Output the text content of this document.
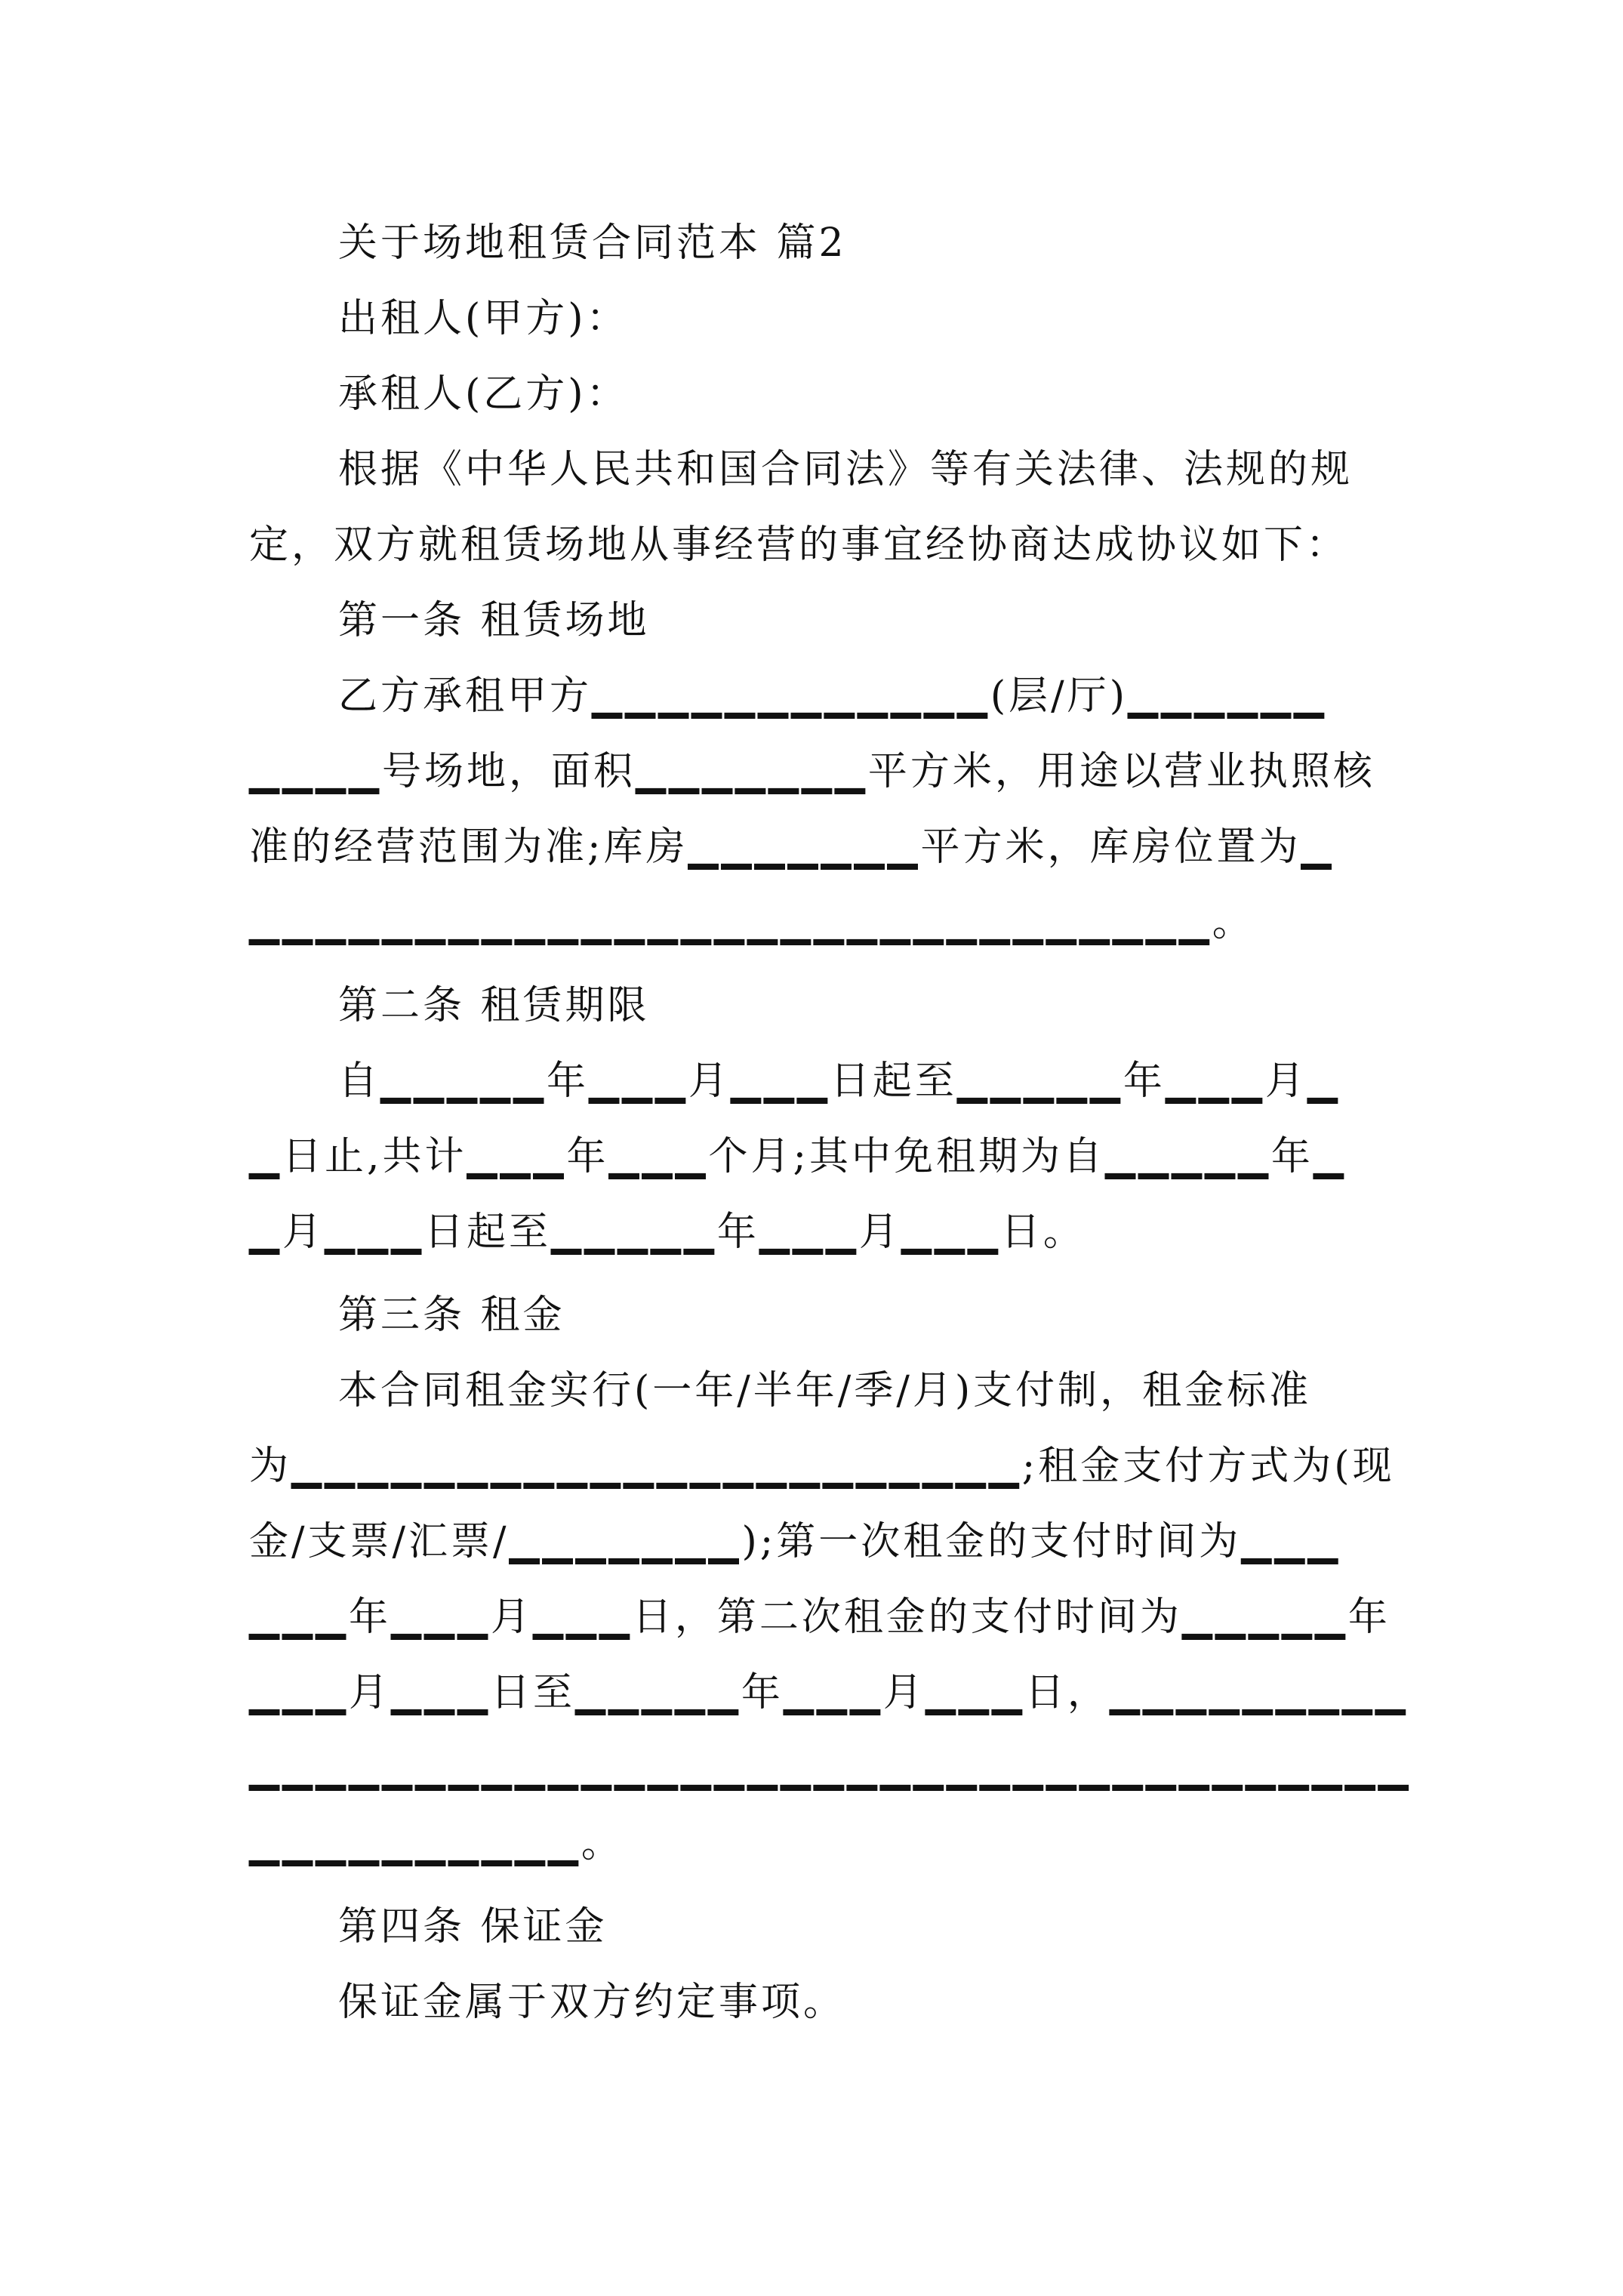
关于场地租赁合同范本 篇2
出租人(甲方)：
承租人(乙方)：
根据《中华人民共和国合同法》等有关法律、法规的规
定，双方就租赁场地从事经营的事宜经协商达成协议如下：
第一条 租赁场地
乙方承租甲方▁▁▁▁▁▁▁▁▁▁▁▁(层/厅)▁▁▁▁▁▁
▁▁▁▁号场地，面积▁▁▁▁▁▁▁平方米，用途以营业执照核
准的经营范围为准;库房▁▁▁▁▁▁▁平方米，库房位置为▁
▁▁▁▁▁▁▁▁▁▁▁▁▁▁▁▁▁▁▁▁▁▁▁▁▁▁▁▁▁。
第二条 租赁期限
自▁▁▁▁▁年▁▁▁月▁▁▁日起至▁▁▁▁▁年▁▁▁月▁
▁日止,共计▁▁▁年▁▁▁个月;其中免租期为自▁▁▁▁▁年▁
▁月▁▁▁日起至▁▁▁▁▁年▁▁▁月▁▁▁日。
第三条 租金
本合同租金实行(一年/半年/季/月)支付制，租金标准
为▁▁▁▁▁▁▁▁▁▁▁▁▁▁▁▁▁▁▁▁▁▁;租金支付方式为(现
金/支票/汇票/▁▁▁▁▁▁▁);第一次租金的支付时间为▁▁▁
▁▁▁年▁▁▁月▁▁▁日，第二次租金的支付时间为▁▁▁▁▁年
▁▁▁月▁▁▁日至▁▁▁▁▁年▁▁▁月▁▁▁日，▁▁▁▁▁▁▁▁▁
▁▁▁▁▁▁▁▁▁▁▁▁▁▁▁▁▁▁▁▁▁▁▁▁▁▁▁▁▁▁▁▁▁▁▁
▁▁▁▁▁▁▁▁▁▁。
第四条 保证金
保证金属于双方约定事项。
